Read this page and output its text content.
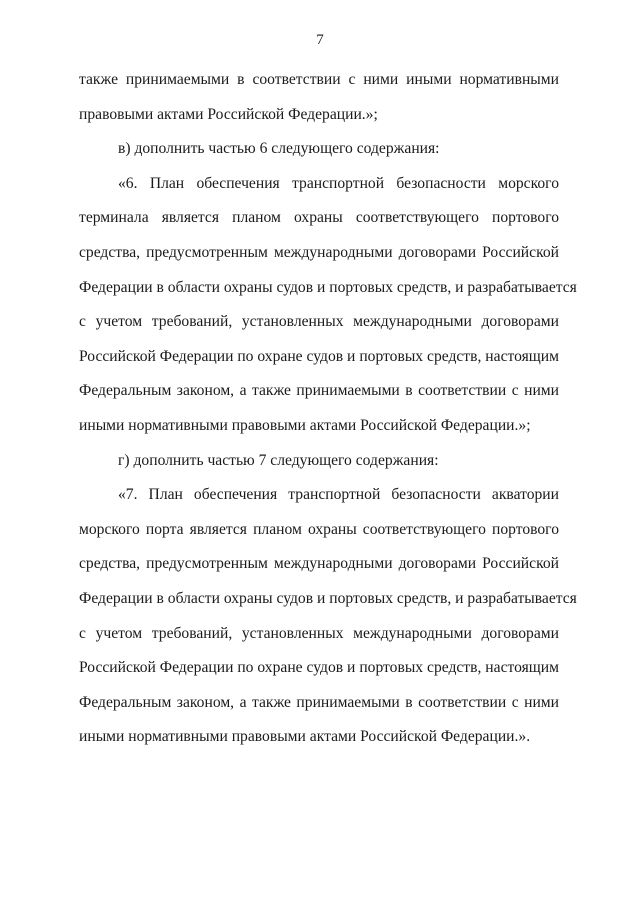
7
также принимаемыми в соответствии с ними иными нормативными
правовыми актами Российской Федерации.»;
в) дополнить частью 6 следующего содержания:
«6. План обеспечения транспортной безопасности морского
терминала является планом охраны соответствующего портового
средства, предусмотренным международными договорами Российской
Федерации в области охраны судов и портовых средств, и разрабатывается
с учетом требований, установленных международными договорами
Российской Федерации по охране судов и портовых средств, настоящим
Федеральным законом, а также принимаемыми в соответствии с ними
иными нормативными правовыми актами Российской Федерации.»;
г) дополнить частью 7 следующего содержания:
«7. План обеспечения транспортной безопасности акватории
морского порта является планом охраны соответствующего портового
средства, предусмотренным международными договорами Российской
Федерации в области охраны судов и портовых средств, и разрабатывается
с учетом требований, установленных международными договорами
Российской Федерации по охране судов и портовых средств, настоящим
Федеральным законом, а также принимаемыми в соответствии с ними
иными нормативными правовыми актами Российской Федерации.».
